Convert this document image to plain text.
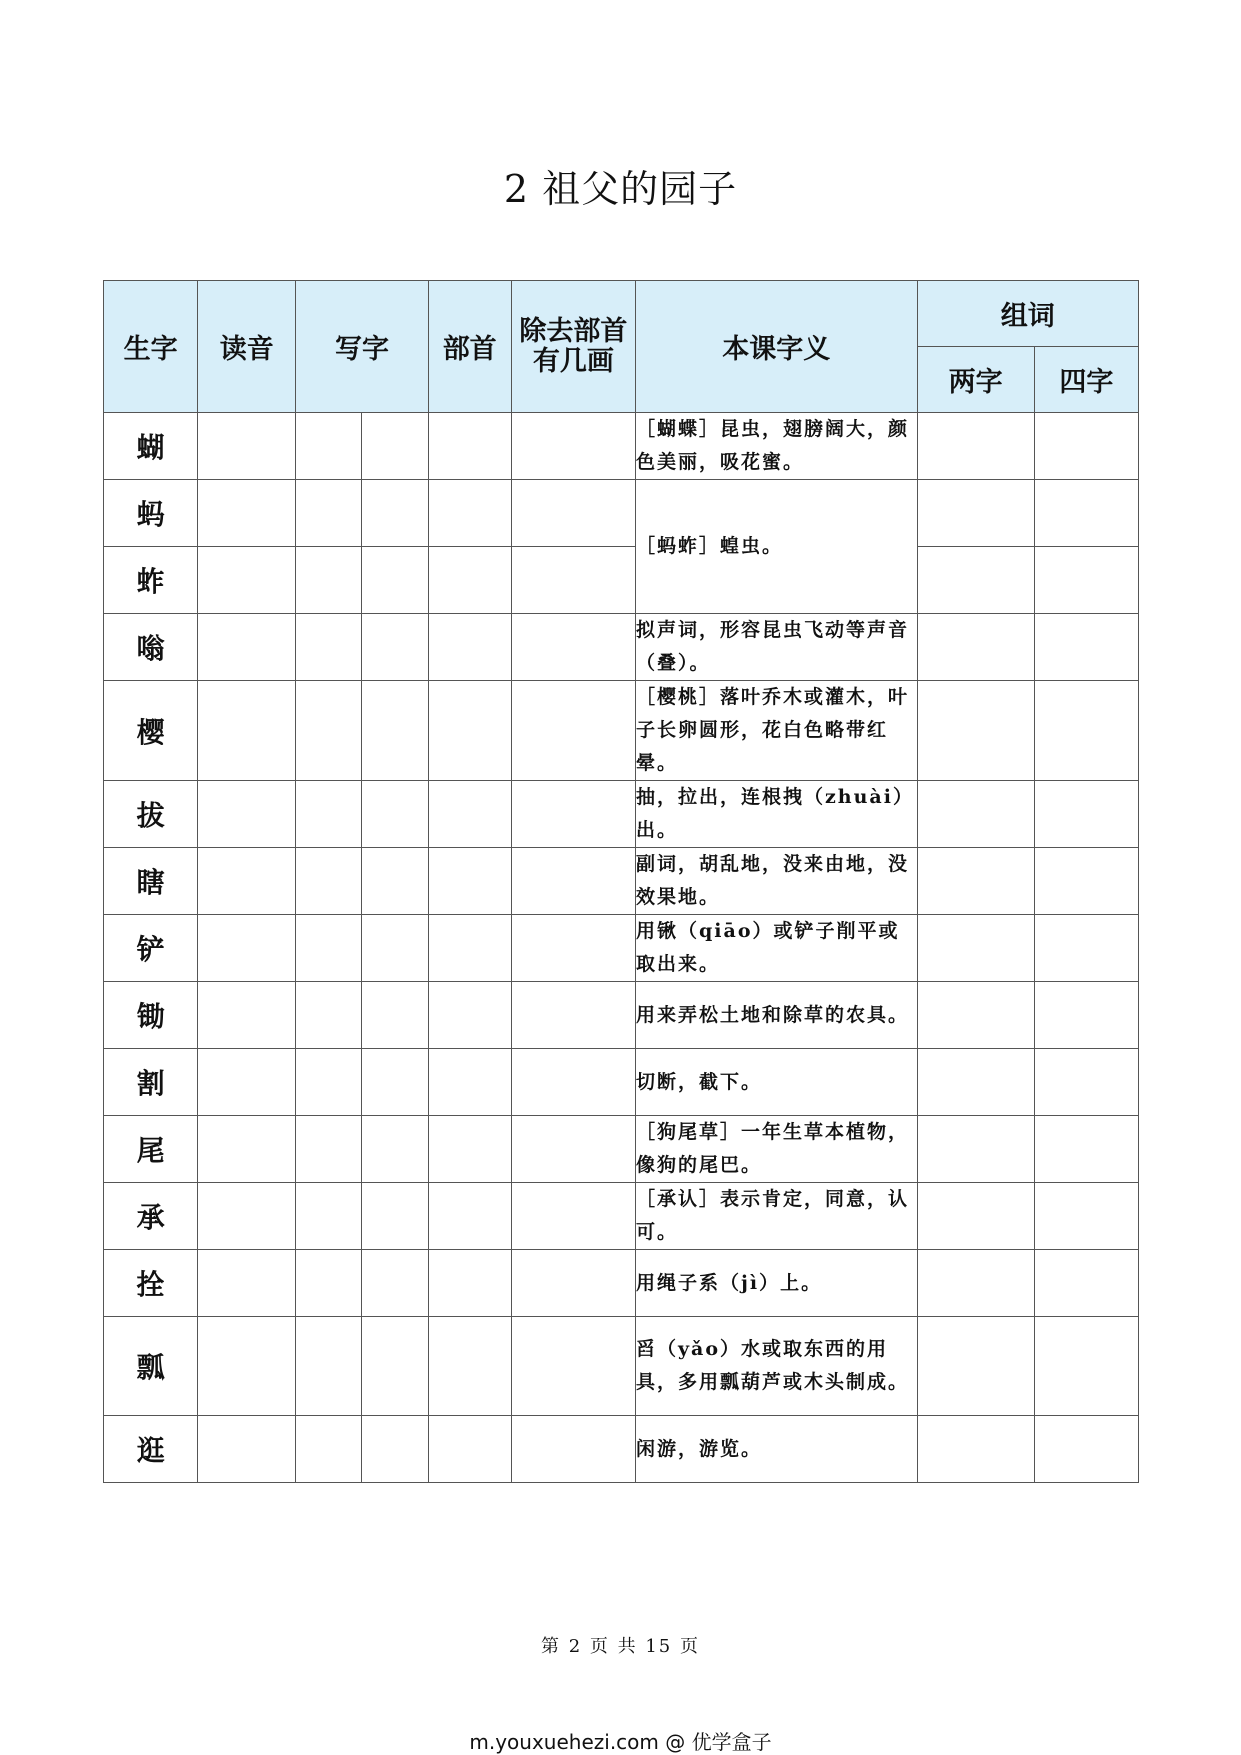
2 祖父的园子
生字	读音	写字		部首	除去部首有几画	本课字义	组词	
							两字	四字
蝴						［蝴蝶］昆虫，翅膀阔大，颜色美丽，吸花蜜。		
蚂						［蚂蚱］蝗虫。		
蚱								
嗡						拟声词，形容昆虫飞动等声音（叠）。		
樱						［樱桃］落叶乔木或灌木，叶子长卵圆形，花白色略带红晕。		
拔						抽，拉出，连根拽（zhuài）出。		
瞎						副词，胡乱地，没来由地，没效果地。		
铲						用锹（qiāo）或铲子削平或取出来。		
锄						用来弄松土地和除草的农具。		
割						切断，截下。		
尾						［狗尾草］一年生草本植物，像狗的尾巴。		
承						［承认］表示肯定，同意，认可。		
拴						用绳子系（jì）上。		
瓢						舀（yǎo）水或取东西的用具，多用瓢葫芦或木头制成。		
逛						闲游，游览。		
第 2 页 共 15 页
m.youxuehezi.com @ 优学盒子
